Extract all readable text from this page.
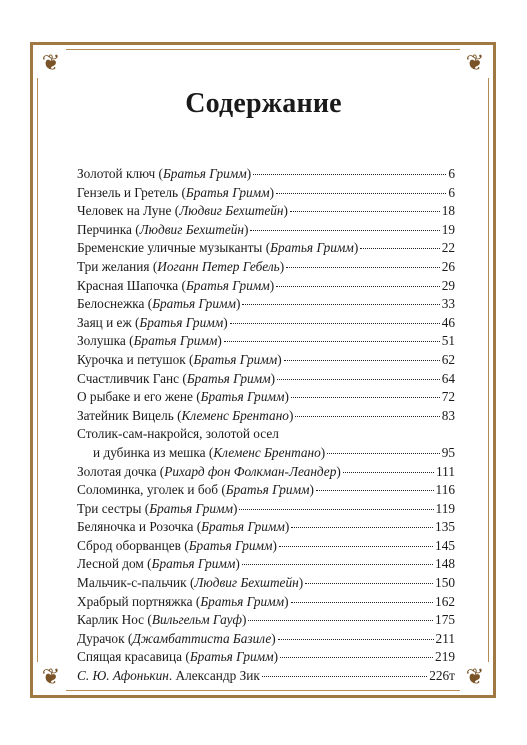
❦	❦
❦	❦
Содержание
Золотой ключ (Братья Гримм)	6
Гензель и Гретель (Братья Гримм)	6
Человек на Луне (Людвиг Бехштейн)	18
Перчинка (Людвиг Бехштейн)	19
Бременские уличные музыканты (Братья Гримм)	22
Три желания (Иоганн Петер Гебель)	26
Красная Шапочка (Братья Гримм)	29
Белоснежка (Братья Гримм)	33
Заяц и еж (Братья Гримм)	46
Золушка (Братья Гримм)	51
Курочка и петушок (Братья Гримм)	62
Счастливчик Ганс (Братья Гримм)	64
О рыбаке и его жене (Братья Гримм)	72
Затейник Вицель (Клеменс Брентано)	83
Столик-сам-накройся, золотой осел
и дубинка из мешка (Клеменс Брентано)	95
Золотая дочка (Рихард фон Фолкман-Леандер)	111
Соломинка, уголек и боб (Братья Гримм)	116
Три сестры (Братья Гримм)	119
Беляночка и Розочка (Братья Гримм)	135
Сброд оборванцев (Братья Гримм)	145
Лесной дом (Братья Гримм)	148
Мальчик-с-пальчик (Людвиг Бехштейн)	150
Храбрый портняжка (Братья Гримм)	162
Карлик Нос (Вильгельм Гауф)	175
Дурачок (Джамбаттиста Базиле)	211
Спящая красавица (Братья Гримм)	219
С. Ю. Афонькин. Александр Зик	226т
